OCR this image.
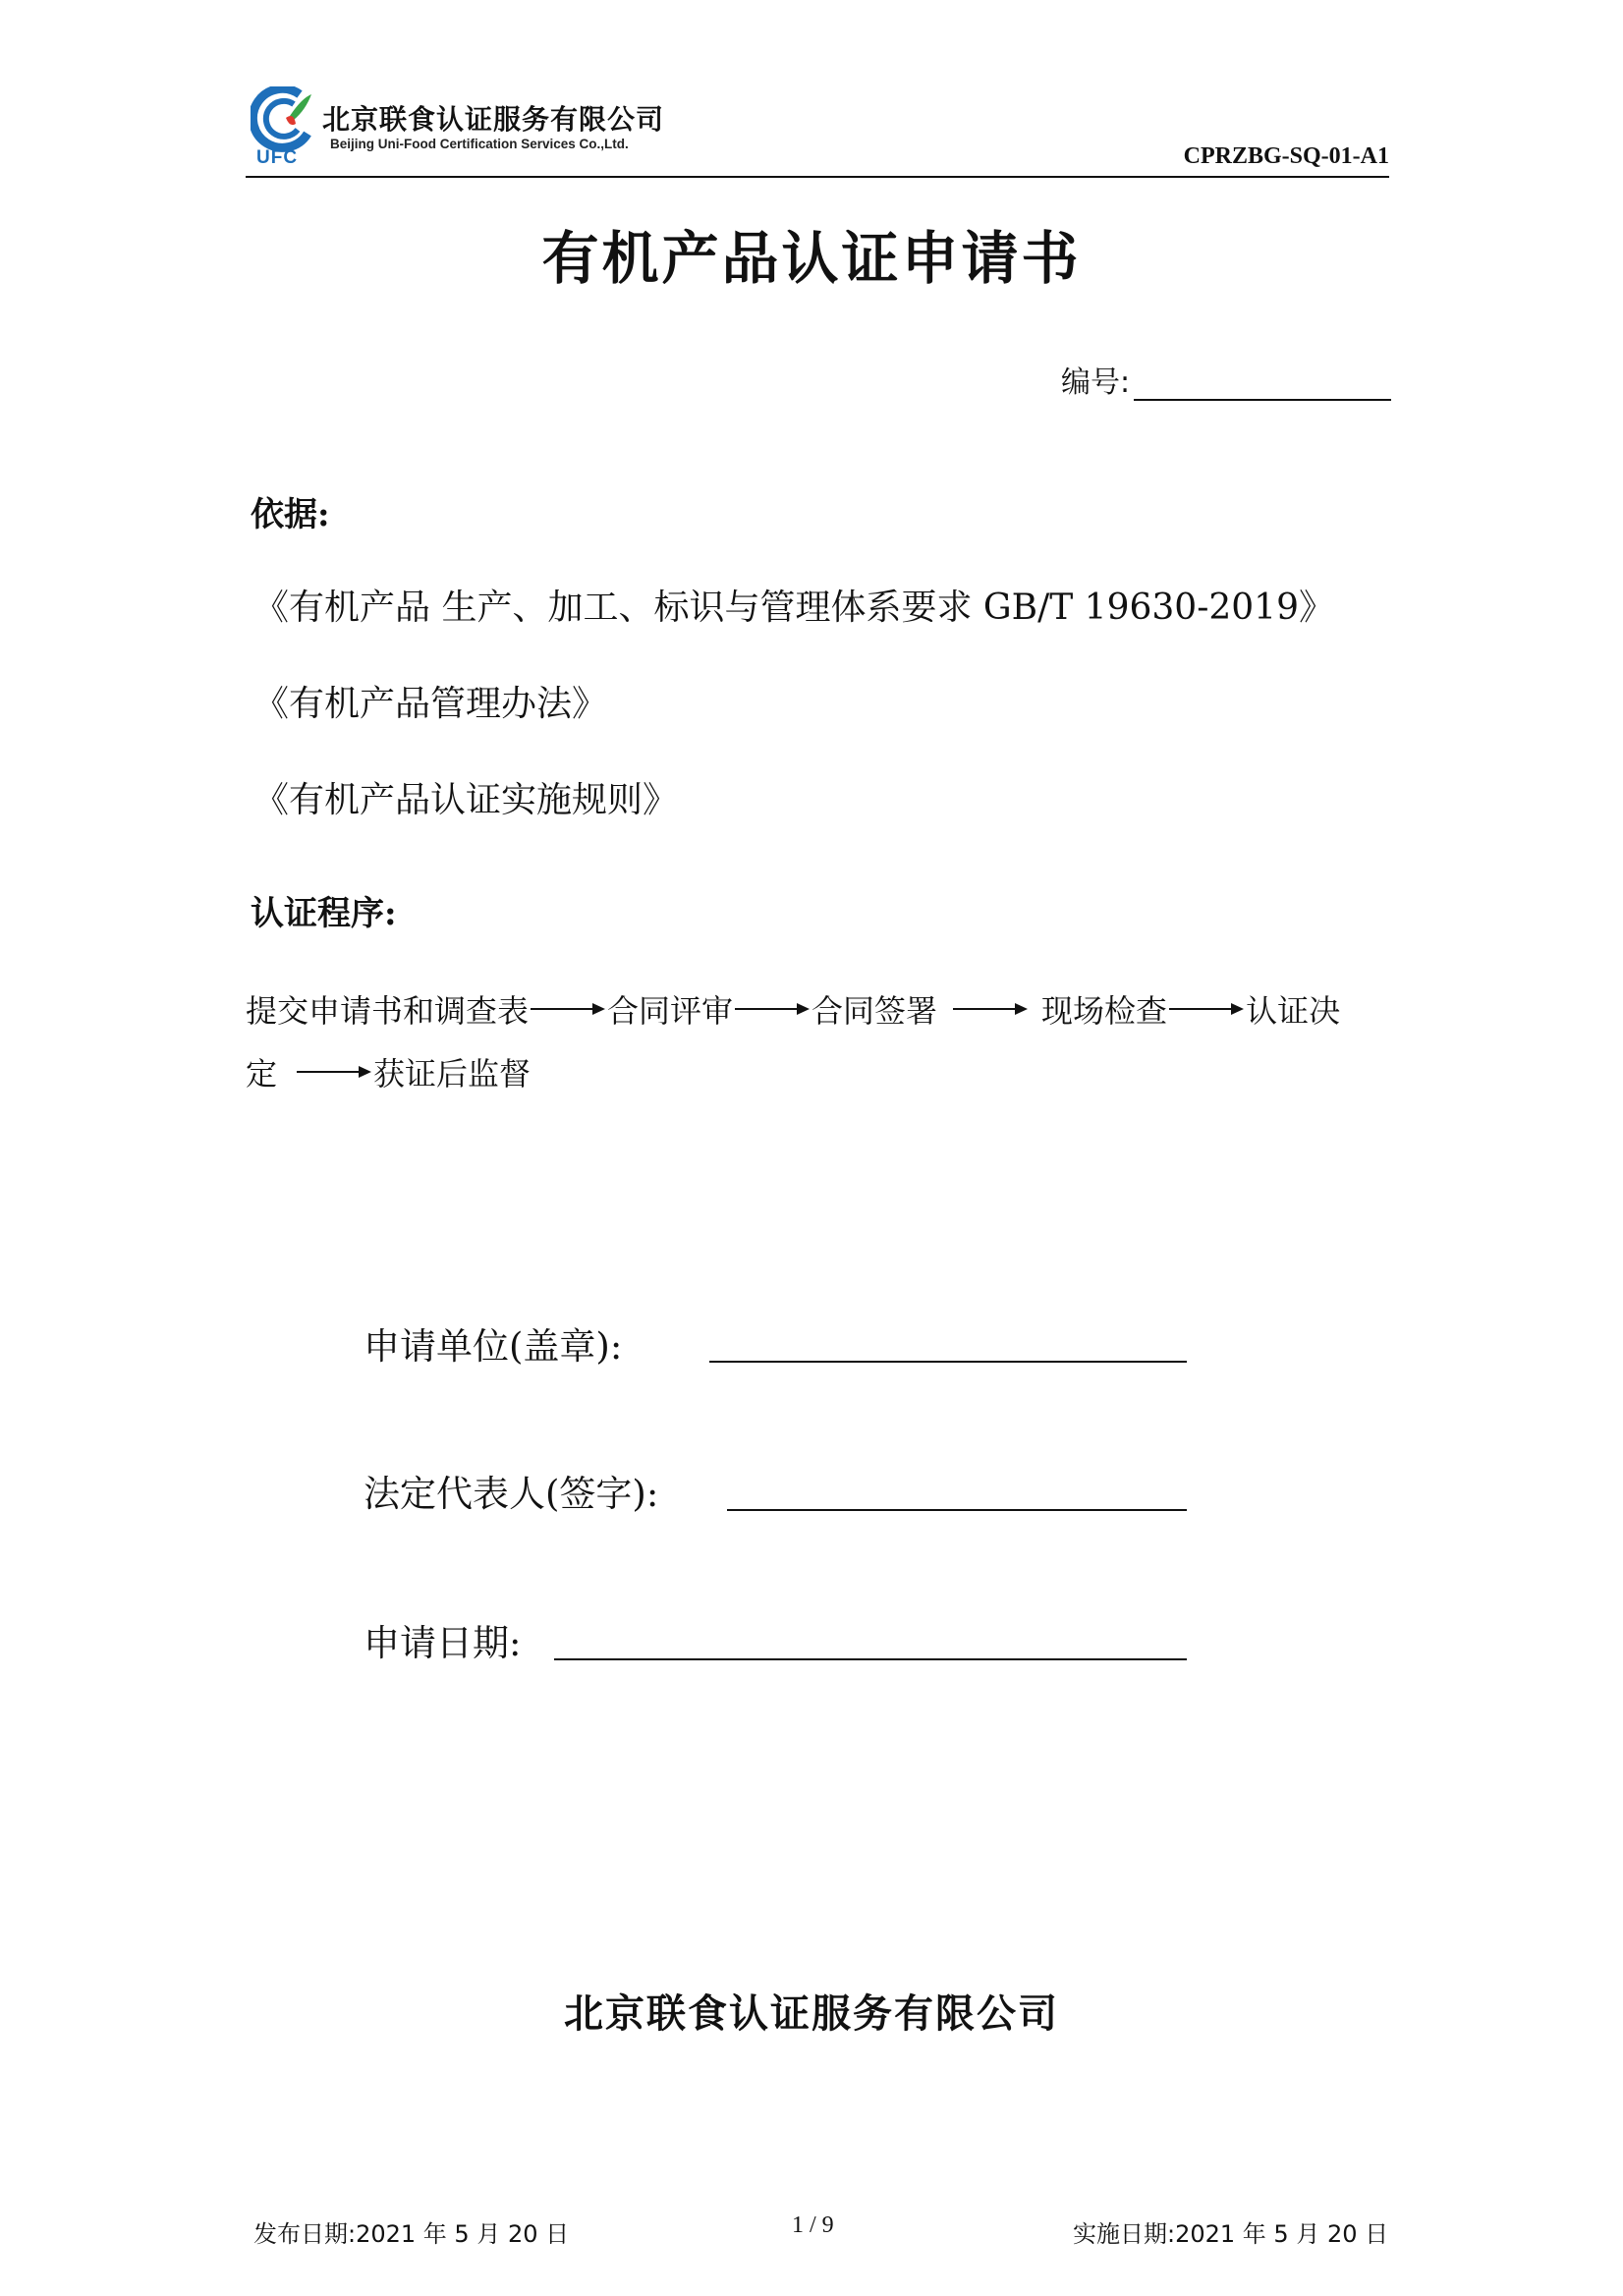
北京联食认证服务有限公司
Beijing Uni-Food Certification Services Co.,Ltd.
UFC	CPRZBG-SQ-01-A1
有机产品认证申请书
编号:
依据:
《有机产品 生产、加工、标识与管理体系要求 GB/T 19630-2019》
《有机产品管理办法》
《有机产品认证实施规则》
认证程序:
提交申请书和调查表	合同评审	合同签署	现场检查	认证决
定	获证后监督
申请单位(盖章):
法定代表人(签字):
申请日期:
北京联食认证服务有限公司
发布日期:2021 年 5 月 20 日	1 / 9	实施日期:2021 年 5 月 20 日
